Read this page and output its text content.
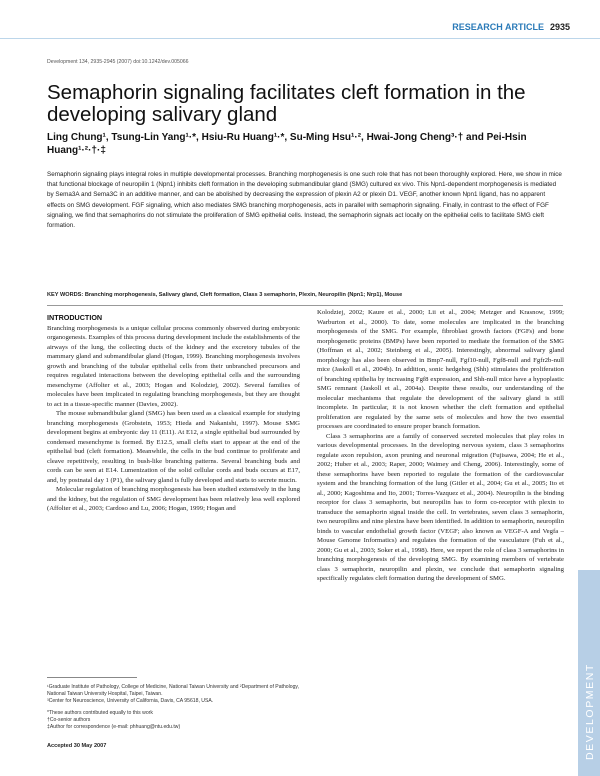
RESEARCH ARTICLE 2935
Development 134, 2935-2945 (2007) doi:10.1242/dev.005066
Semaphorin signaling facilitates cleft formation in the developing salivary gland
Ling Chung¹, Tsung-Lin Yang¹·*, Hsiu-Ru Huang¹·*, Su-Ming Hsu¹·², Hwai-Jong Cheng³·† and Pei-Hsin Huang¹·²·†·‡
Semaphorin signaling plays integral roles in multiple developmental processes. Branching morphogenesis is one such role that has not been thoroughly explored. Here, we show in mice that functional blockage of neuropilin 1 (Npn1) inhibits cleft formation in the developing submandibular gland (SMG) cultured ex vivo. This Npn1-dependent morphogenesis is mediated by Sema3A and Sema3C in an additive manner, and can be abolished by decreasing the expression of plexin A2 or plexin D1. VEGF, another known Npn1 ligand, has no apparent effects on SMG development. FGF signaling, which also mediates SMG branching morphogenesis, acts in parallel with semaphorin signaling. Finally, in contrast to the effect of FGF signaling, we find that semaphorins do not stimulate the proliferation of SMG epithelial cells. Instead, the semaphorin signals act locally on the epithelial cells to facilitate SMG cleft formation.
KEY WORDS: Branching morphogenesis, Salivary gland, Cleft formation, Class 3 semaphorin, Plexin, Neuropilin (Npn1; Nrp1), Mouse
INTRODUCTION

Branching morphogenesis is a unique cellular process commonly observed during embryonic organogenesis. Examples of this process during development include the establishments of the airways of the lung, the collecting ducts of the kidney and the excretory tubules of the mammary gland and submandibular gland (Hogan, 1999). Branching morphogenesis involves growth and branching of the tubular epithelial cells from their unbranched precursors and requires regulated interactions between the developing epithelial cells and the surrounding mesenchyme (Affolter et al., 2003; Hogan and Kolodziej, 2002). Several families of molecules have been implicated in regulating branching morphogenesis, but they are thought to act in a tissue-specific manner (Davies, 2002).

The mouse submandibular gland (SMG) has been used as a classical example for studying branching morphogenesis (Grobstein, 1953; Hieda and Nakanishi, 1997). Mouse SMG development begins at embryonic day 11 (E11). At E12, a single epithelial bud surrounded by condensed mesenchyme is formed. By E12.5, small clefts start to appear at the end of the epithelial bud (cleft formation). Meanwhile, the cells in the bud continue to proliferate and cleave repetitively, resulting in bush-like branching patterns. Several branching buds and cords can be seen at E14. Lumenization of the solid cellular cords and buds occurs at E17, and, by postnatal day 1 (P1), the salivary gland is fully developed and starts to secrete mucin.

Molecular regulation of branching morphogenesis has been studied extensively in the lung and the kidney, but the regulation of SMG development has been relatively less well explored (Affolter et al., 2003; Cardoso and Lu, 2006; Hogan, 1999; Hogan and

Kolodziej, 2002; Kaure et al., 2000; Lii et al., 2004; Metzger and Krasnow, 1999; Warburton et al., 2000). To date, some molecules are implicated in the branching morphogenesis of the SMG. For example, fibroblast growth factors (FGFs) and bone morphogenetic proteins (BMPs) have been reported to mediate the formation of the SMG (Hoffman et al., 2002; Steinberg et al., 2005). Interestingly, abnormal salivary gland morphology has also been observed in Bmp7-null, Fgf10-null, Fgf8-null and Fgfr2b-null mice (Jaskoll et al., 2004b). In addition, sonic hedgehog (Shh) stimulates the proliferation of branching epithelia by increasing Fgf8 expression, and Shh-null mice have a hypoplastic SMG remnant (Jaskoll et al., 2004a). Despite these results, our understanding of the molecular mechanisms that regulate the development of the salivary gland is still incomplete. In particular, it is not known whether the cleft formation and epithelial proliferation are regulated by the same sets of molecules and how the two essential processes are coordinated to ensure proper branch formation.

Class 3 semaphorins are a family of conserved secreted molecules that play roles in various developmental processes. In the developing nervous system, class 3 semaphorins regulate axon repulsion, axon pruning and neuronal migration (Fujisawa, 2004; He et al., 2002; Huber et al., 2003; Raper, 2000; Waimey and Cheng, 2006). Interestingly, some of these semaphorins have been reported to regulate the formation of the cardiovascular system and the branching formation of the lung (Gitler et al., 2004; Gu et al., 2005; Ito et al., 2000; Kagoshima and Ito, 2001; Torres-Vazquez et al., 2004). Neuropilin is the binding receptor for class 3 semaphorin, but neuropilin has to form co-receptor with plexin to transduce the semaphorin signal inside the cell. In vertebrates, seven class 3 semaphorin, two neuropilins and nine plexins have been identified. In addition to semaphorin, neuropilin binds to vascular endothelial growth factor (VEGF; also known as VEGF-A and Vegfa – Mouse Genome Informatics) and regulates the formation of the vasculature (Fuh et al., 2000; Gu et al., 2003; Soker et al., 1998). Here, we report the role of class 3 semaphorins in branching morphogenesis of the developing SMG. By examining members of vertebrate class 3 semaphorin, neuropilin and plexin, we conclude that semaphorin signaling specifically regulates cleft formation during the development of SMG.

¹Graduate Institute of Pathology, College of Medicine, National Taiwan University and ²Department of Pathology, National Taiwan University Hospital, Taipei, Taiwan.
³Center for Neuroscience, University of California, Davis, CA 95618, USA.
*These authors contributed equally to this work
†Co-senior authors
‡Author for correspondence (e-mail: phhuang@ntu.edu.tw)
Accepted 30 May 2007	DEVELOPMENT
